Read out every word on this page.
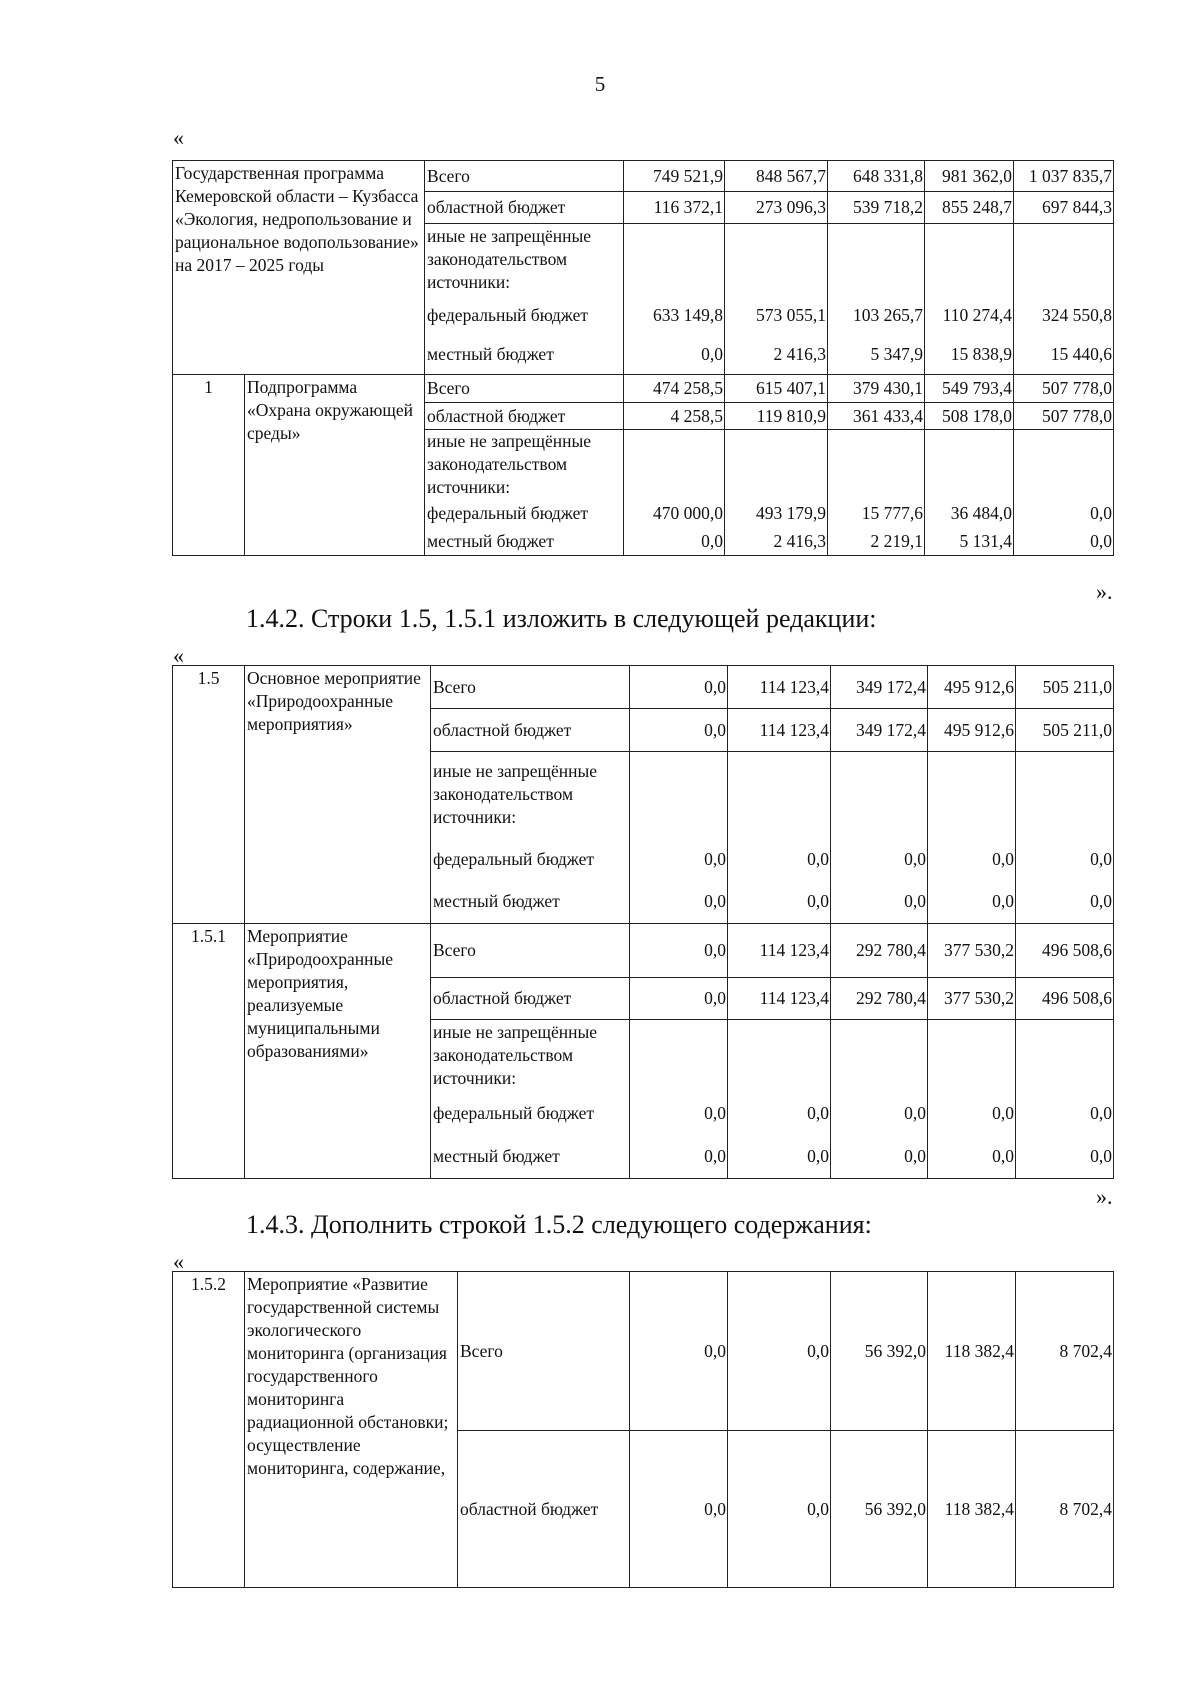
5
«
Государственная программа Кемеровской области – Кузбасса «Экология, недропользование и рациональное водопользование» на 2017 – 2025 годы		Всего	749 521,9	848 567,7	648 331,8	981 362,0	1 037 835,7
		областной бюджет	116 372,1	273 096,3	539 718,2	855 248,7	697 844,3
		иные не запрещённые законодательством источники:					
		федеральный бюджет	633 149,8	573 055,1	103 265,7	110 274,4	324 550,8
		местный бюджет	0,0	2 416,3	5 347,9	15 838,9	15 440,6
1	Подпрограмма «Охрана окружающей среды»	Всего	474 258,5	615 407,1	379 430,1	549 793,4	507 778,0
		областной бюджет	4 258,5	119 810,9	361 433,4	508 178,0	507 778,0
		иные не запрещённые законодательством источники:					
		федеральный бюджет	470 000,0	493 179,9	15 777,6	36 484,0	0,0
		местный бюджет	0,0	2 416,3	2 219,1	5 131,4	0,0
».
1.4.2. Строки 1.5, 1.5.1 изложить в следующей редакции:
«
1.5	Основное мероприятие «Природоохранные мероприятия»	Всего	0,0	114 123,4	349 172,4	495 912,6	505 211,0
		областной бюджет	0,0	114 123,4	349 172,4	495 912,6	505 211,0
		иные не запрещённые законодательством источники:					
		федеральный бюджет	0,0	0,0	0,0	0,0	0,0
		местный бюджет	0,0	0,0	0,0	0,0	0,0
1.5.1	Мероприятие «Природоохранные мероприятия, реализуемые муниципальными образованиями»	Всего	0,0	114 123,4	292 780,4	377 530,2	496 508,6
		областной бюджет	0,0	114 123,4	292 780,4	377 530,2	496 508,6
		иные не запрещённые законодательством источники:					
		федеральный бюджет	0,0	0,0	0,0	0,0	0,0
		местный бюджет	0,0	0,0	0,0	0,0	0,0
».
1.4.3. Дополнить строкой 1.5.2 следующего содержания:
«
1.5.2	Мероприятие «Развитие государственной системы экологического мониторинга (организация государственного мониторинга радиационной обстановки; осуществление мониторинга, содержание,	Всего	0,0	0,0	56 392,0	118 382,4	8 702,4
		областной бюджет	0,0	0,0	56 392,0	118 382,4	8 702,4
